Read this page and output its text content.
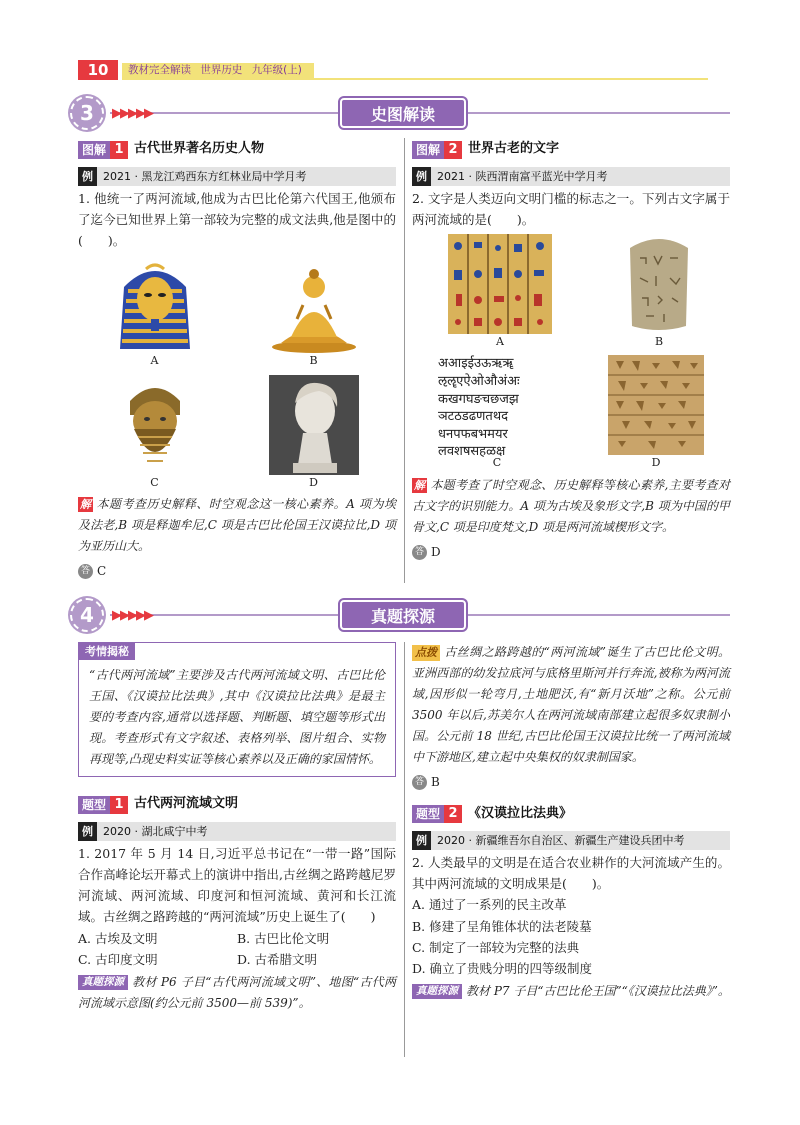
10	教材完全解读 世界历史 九年级(上)
3	▶▶▶▶▶	史图解读
图解 1 古代世界著名历史人物
例 2021 · 黑龙江鸡西东方红林业局中学月考
1. 他统一了两河流域,他成为古巴比伦第六代国王,他颁布了迄今已知世界上第一部较为完整的成文法典,他是图中的(　　)。
A	B
C	D
解 本题考查历史解释、时空观念这一核心素养。A 项为埃及法老,B 项是释迦牟尼,C 项是古巴比伦国王汉谟拉比,D 项为亚历山大。
答 C
图解 2 世界古老的文字
例 2021 · 陕西渭南富平蓝光中学月考
2. 文字是人类迈向文明门槛的标志之一。下列古文字属于两河流域的是(　　)。
A	B
अआइईउऊऋॠ
ऌॡएऐओऔअंअः
कखगघङचछजझ
ञटठडढणतथद
धनपफबभमयर
लवशषसहळक्ष
C	D
解 本题考查了时空观念、历史解释等核心素养,主要考查对古文字的识别能力。A 项为古埃及象形文字,B 项为中国的甲骨文,C 项是印度梵文,D 项是两河流域楔形文字。
答 D
4	▶▶▶▶▶	真题探源
考情揭秘
“古代两河流域”主要涉及古代两河流域文明、古巴比伦王国、《汉谟拉比法典》,其中《汉谟拉比法典》是最主要的考查内容,通常以选择题、判断题、填空题等形式出现。考查形式有文字叙述、表格列举、图片组合、实物再现等,凸现史料实证等核心素养以及正确的家国情怀。
题型 1 古代两河流域文明
例 2020 · 湖北咸宁中考
1. 2017 年 5 月 14 日,习近平总书记在“一带一路”国际合作高峰论坛开幕式上的演讲中指出,古丝绸之路跨越尼罗河流域、两河流域、印度河和恒河流域、黄河和长江流域。古丝绸之路跨越的“两河流域”历史上诞生了(　　)
A. 古埃及文明	B. 古巴比伦文明
C. 古印度文明	D. 古希腊文明
真题探源 教材 P6 子目“古代两河流域文明”、地图“古代两河流域示意图(约公元前 3500—前 539)”。
点拨 古丝绸之路跨越的“两河流域”诞生了古巴比伦文明。亚洲西部的幼发拉底河与底格里斯河并行奔流,被称为两河流域,因形似一轮弯月,土地肥沃,有“新月沃地”之称。公元前 3500 年以后,苏美尔人在两河流域南部建立起很多奴隶制小国。公元前 18 世纪,古巴比伦国王汉谟拉比统一了两河流域中下游地区,建立起中央集权的奴隶制国家。
答 B
题型 2 《汉谟拉比法典》
例 2020 · 新疆维吾尔自治区、新疆生产建设兵团中考
2. 人类最早的文明是在适合农业耕作的大河流域产生的。其中两河流域的文明成果是(　　)。
A. 通过了一系列的民主改革
B. 修建了呈角锥体状的法老陵墓
C. 制定了一部较为完整的法典
D. 确立了贵贱分明的四等级制度
真题探源 教材 P7 子目“古巴比伦王国”“《汉谟拉比法典》”。
